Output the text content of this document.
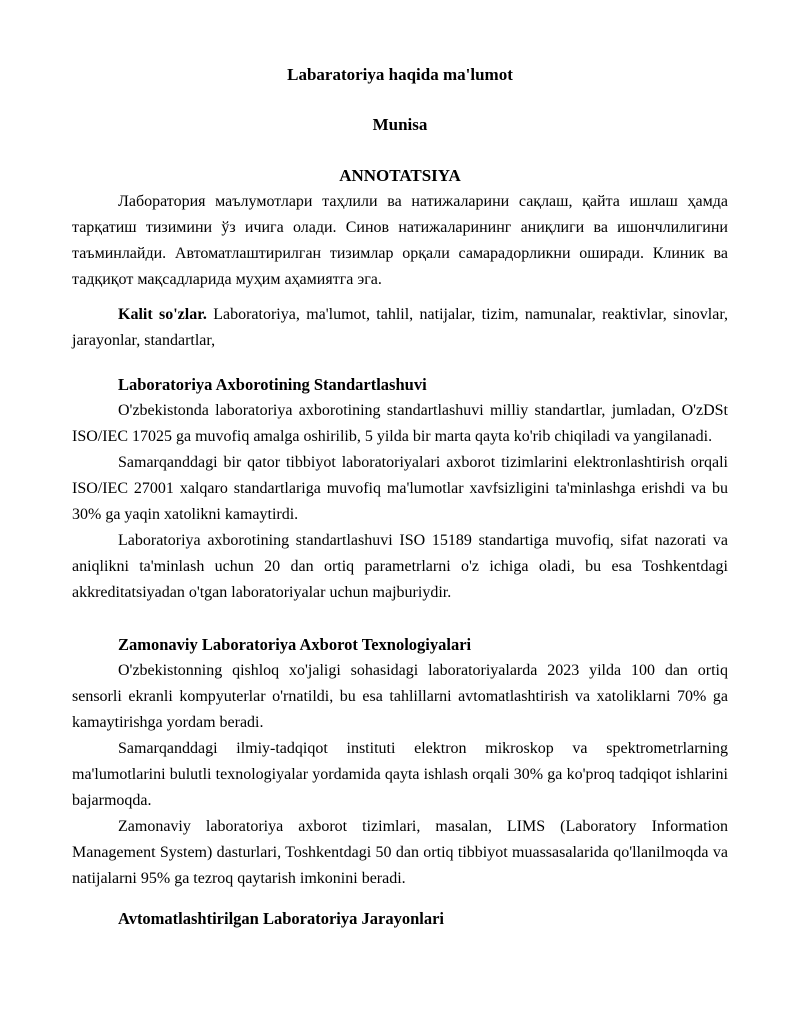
Labaratoriya haqida ma'lumot

Munisa

ANNOTATSIYA

Лаборатория маълумотлари таҳлили ва натижаларини сақлаш, қайта ишлаш ҳамда тарқатиш тизимини ўз ичига олади. Синов натижаларининг аниқлиги ва ишончлилигини таъминлайди. Автоматлаштирилган тизимлар орқали самарадорликни оширади. Клиник ва тадқиқот мақсадларида муҳим аҳамиятга эга.

Kalit so'zlar. Laboratoriya, ma'lumot, tahlil, natijalar, tizim, namunalar, reaktivlar, sinovlar, jarayonlar, standartlar,

Laboratoriya Axborotining Standartlashuvi

O'zbekistonda laboratoriya axborotining standartlashuvi milliy standartlar, jumladan, O'zDSt ISO/IEC 17025 ga muvofiq amalga oshirilib, 5 yilda bir marta qayta ko'rib chiqiladi va yangilanadi.

Samarqanddagi bir qator tibbiyot laboratoriyalari axborot tizimlarini elektronlashtirish orqali ISO/IEC 27001 xalqaro standartlariga muvofiq ma'lumotlar xavfsizligini ta'minlashga erishdi va bu 30% ga yaqin xatolikni kamaytirdi.

Laboratoriya axborotining standartlashuvi ISO 15189 standartiga muvofiq, sifat nazorati va aniqlikni ta'minlash uchun 20 dan ortiq parametrlarni o'z ichiga oladi, bu esa Toshkentdagi akkreditatsiyadan o'tgan laboratoriyalar uchun majburiydir.

Zamonaviy Laboratoriya Axborot Texnologiyalari

O'zbekistonning qishloq xo'jaligi sohasidagi laboratoriyalarda 2023 yilda 100 dan ortiq sensorli ekranli kompyuterlar o'rnatildi, bu esa tahlillarni avtomatlashtirish va xatoliklarni 70% ga kamaytirishga yordam beradi.

Samarqanddagi ilmiy-tadqiqot instituti elektron mikroskop va spektrometrlarning ma'lumotlarini bulutli texnologiyalar yordamida qayta ishlash orqali 30% ga ko'proq tadqiqot ishlarini bajarmoqda.

Zamonaviy laboratoriya axborot tizimlari, masalan, LIMS (Laboratory Information Management System) dasturlari, Toshkentdagi 50 dan ortiq tibbiyot muassasalarida qo'llanilmoqda va natijalarni 95% ga tezroq qaytarish imkonini beradi.

Avtomatlashtirilgan Laboratoriya Jarayonlari
